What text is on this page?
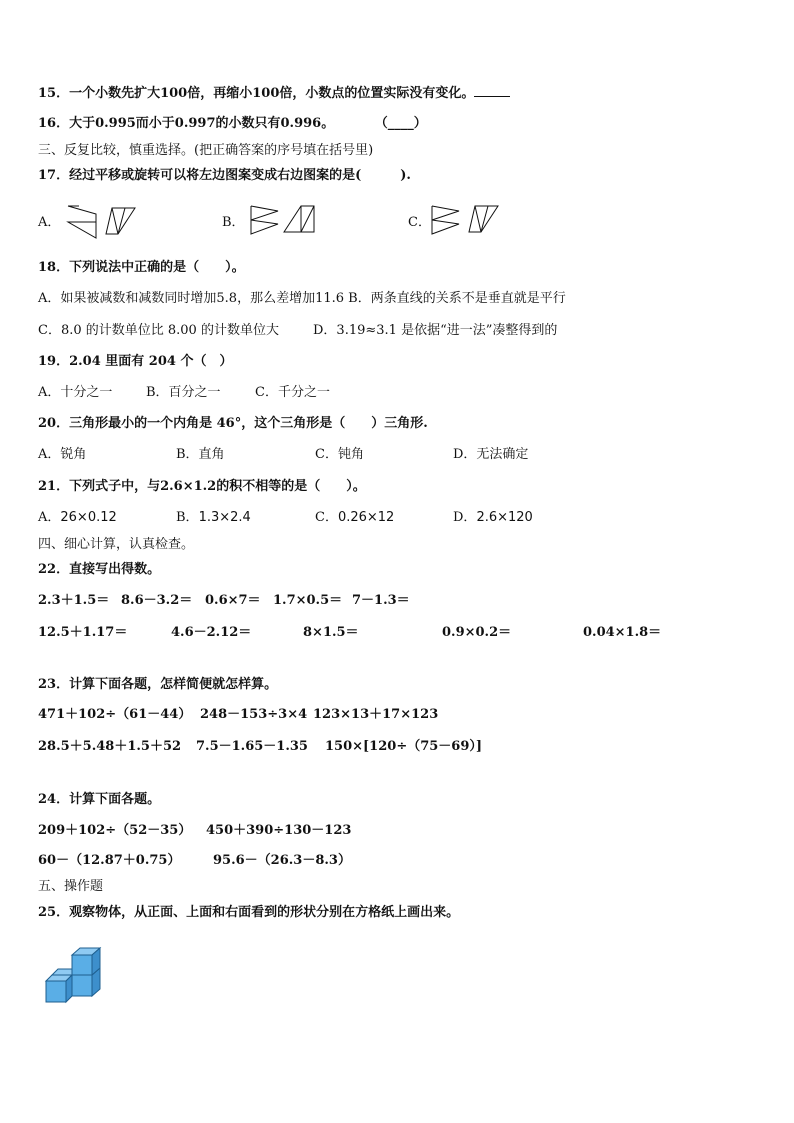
15．一个小数先扩大100倍，再缩小100倍，小数点的位置实际没有变化。
16．大于0.995而小于0.997的小数只有0.996。	（____）
三、反复比较，慎重选择。(把正确答案的序号填在括号里)
17．经过平移或旋转可以将左边图案变成右边图案的是(　　　).
A．	B．	C．
18．下列说法中正确的是（　　）。
A．如果被减数和减数同时增加5.8，那么差增加11.6 B．两条直线的关系不是垂直就是平行
C．8.0 的计数单位比 8.00 的计数单位大	D．3.19≈3.1 是依据“进一法”凑整得到的
19．2.04 里面有 204 个（　）
A．十分之一	B．百分之一	C．千分之一
20．三角形最小的一个内角是 46°，这个三角形是（　　）三角形.
A．锐角	B．直角	C．钝角	D．无法确定
21．下列式子中，与2.6×1.2的积不相等的是（　　）。
A．26×0.12	B．1.3×2.4	C．0.26×12	D．2.6×120
四、细心计算，认真检查。
22．直接写出得数。
2.3＋1.5＝ 8.6－3.2＝ 0.6×7＝ 1.7×0.5＝ 7－1.3＝
12.5＋1.17＝	4.6－2.12＝	8×1.5＝	0.9×0.2＝	0.04×1.8＝
23．计算下面各题，怎样简便就怎样算。
471＋102÷（61－44） 248－153÷3×4 123×13＋17×123
28.5＋5.48＋1.5＋52 7.5－1.65－1.35 150×[120÷（75－69）]
24．计算下面各题。
209＋102÷（52－35） 450＋390÷130－123
60－（12.87＋0.75）	95.6－（26.3－8.3）
五、操作题
25．观察物体，从正面、上面和右面看到的形状分别在方格纸上画出来。
